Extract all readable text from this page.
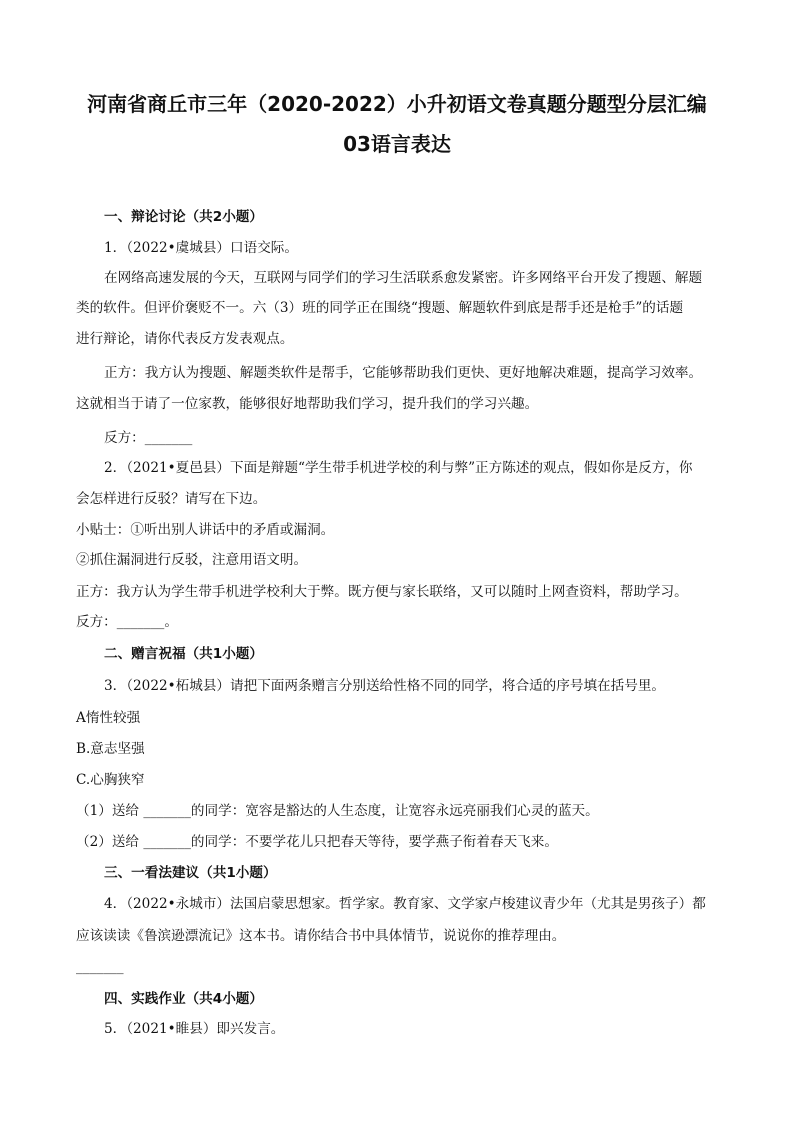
河南省商丘市三年（2020-2022）小升初语文卷真题分题型分层汇编
03语言表达
一、辩论讨论（共2小题）
1．（2022•虞城县）口语交际。
在网络高速发展的今天，互联网与同学们的学习生活联系愈发紧密。许多网络平台开发了搜题、解题
类的软件。但评价褒贬不一。六（3）班的同学正在围绕“搜题、解题软件到底是帮手还是枪手”的话题
进行辩论，请你代表反方发表观点。
正方：我方认为搜题、解题类软件是帮手，它能够帮助我们更快、更好地解决难题，提高学习效率。
这就相当于请了一位家教，能够很好地帮助我们学习，提升我们的学习兴趣。
反方：_______
2．（2021•夏邑县）下面是辩题“学生带手机进学校的利与弊”正方陈述的观点，假如你是反方，你
会怎样进行反驳？请写在下边。
小贴士：①听出别人讲话中的矛盾或漏洞。
②抓住漏洞进行反驳，注意用语文明。
正方：我方认为学生带手机进学校利大于弊。既方便与家长联络，又可以随时上网查资料，帮助学习。
反方：_______。
二、赠言祝福（共1小题）
3．（2022•柘城县）请把下面两条赠言分别送给性格不同的同学，将合适的序号填在括号里。
A惰性较强
B.意志坚强
C.心胸狭窄
（1）送给 _______的同学：宽容是豁达的人生态度，让宽容永远亮丽我们心灵的蓝天。
（2）送给 _______的同学：不要学花儿只把春天等待，要学燕子衔着春天飞来。
三、一看法建议（共1小题）
4．（2022•永城市）法国启蒙思想家。哲学家。教育家、文学家卢梭建议青少年（尤其是男孩子）都
应该读读《鲁滨逊漂流记》这本书。请你结合书中具体情节，说说你的推荐理由。
_______
四、实践作业（共4小题）
5．（2021•睢县）即兴发言。
